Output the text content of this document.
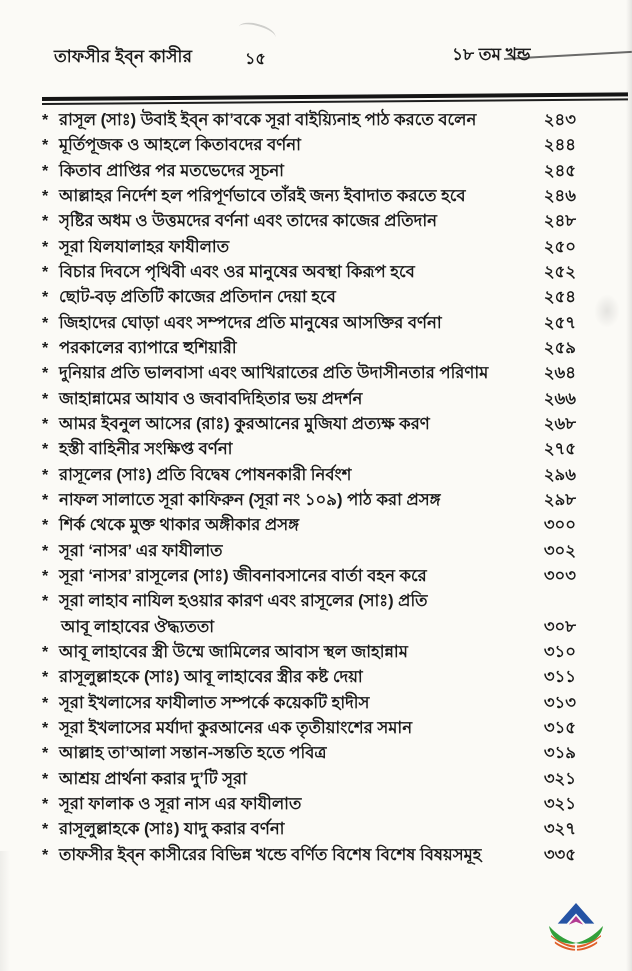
তাফসীর ইব্‌ন কাসীর	১৫	১৮ তম খন্ড
* রাসূল (সাঃ) উবাই ইব্‌ন কা’বকে সূরা বাইয়্যিনাহ পাঠ করতে বলেন	২৪৩
* মূর্তিপূজক ও আহলে কিতাবদের বর্ণনা	২৪৪
* কিতাব প্রাপ্তির পর মতভেদের সূচনা	২৪৫
* আল্লাহর নির্দেশ হল পরিপূর্ণভাবে তাঁরই জন্য ইবাদাত করতে হবে	২৪৬
* সৃষ্টির অধম ও উত্তমদের বর্ণনা এবং তাদের কাজের প্রতিদান	২৪৮
* সূরা যিলযালাহর ফাযীলাত	২৫০
* বিচার দিবসে পৃথিবী এবং ওর মানুষের অবস্থা কিরূপ হবে	২৫২
* ছোট-বড় প্রতিটি কাজের প্রতিদান দেয়া হবে	২৫৪
* জিহাদের ঘোড়া এবং সম্পদের প্রতি মানুষের আসক্তির বর্ণনা	২৫৭
* পরকালের ব্যাপারে হুশিয়ারী	২৫৯
* দুনিয়ার প্রতি ভালবাসা এবং আখিরাতের প্রতি উদাসীনতার পরিণাম	২৬৪
* জাহান্নামের আযাব ও জবাবদিহিতার ভয় প্রদর্শন	২৬৬
* আমর ইবনুল আসের (রাঃ) কুরআনের মুজিযা প্রত্যক্ষ করণ	২৬৮
* হস্তী বাহিনীর সংক্ষিপ্ত বর্ণনা	২৭৫
* রাসূলের (সাঃ) প্রতি বিদ্বেষ পোষনকারী নির্বংশ	২৯৬
* নাফল সালাতে সূরা কাফিরুন (সূরা নং ১০৯) পাঠ করা প্রসঙ্গ	২৯৮
* শির্ক থেকে মুক্ত থাকার অঙ্গীকার প্রসঙ্গ	৩০০
* সূরা ‘নাসর’ এর ফাযীলাত	৩০২
* সূরা ‘নাসর’ রাসূলের (সাঃ) জীবনাবসানের বার্তা বহন করে	৩০৩
* সূরা লাহাব নাযিল হওয়ার কারণ এবং রাসূলের (সাঃ) প্রতি
আবূ লাহাবের ঔদ্ধ্যততা	৩০৮
* আবূ লাহাবের স্ত্রী উম্মে জামিলের আবাস স্থল জাহান্নাম	৩১০
* রাসূলুল্লাহকে (সাঃ) আবূ লাহাবের স্ত্রীর কষ্ট দেয়া	৩১১
* সূরা ইখলাসের ফাযীলাত সম্পর্কে কয়েকটি হাদীস	৩১৩
* সূরা ইখলাসের মর্যাদা কুরআনের এক তৃতীয়াংশের সমান	৩১৫
* আল্লাহ তা’আলা সন্তান-সন্ততি হতে পবিত্র	৩১৯
* আশ্রয় প্রার্থনা করার দু’টি সূরা	৩২১
* সূরা ফালাক ও সূরা নাস এর ফাযীলাত	৩২১
* রাসূলুল্লাহকে (সাঃ) যাদু করার বর্ণনা	৩২৭
* তাফসীর ইব্‌ন কাসীরের বিভিন্ন খন্ডে বর্ণিত বিশেষ বিশেষ বিষয়সমূহ	৩৩৫
